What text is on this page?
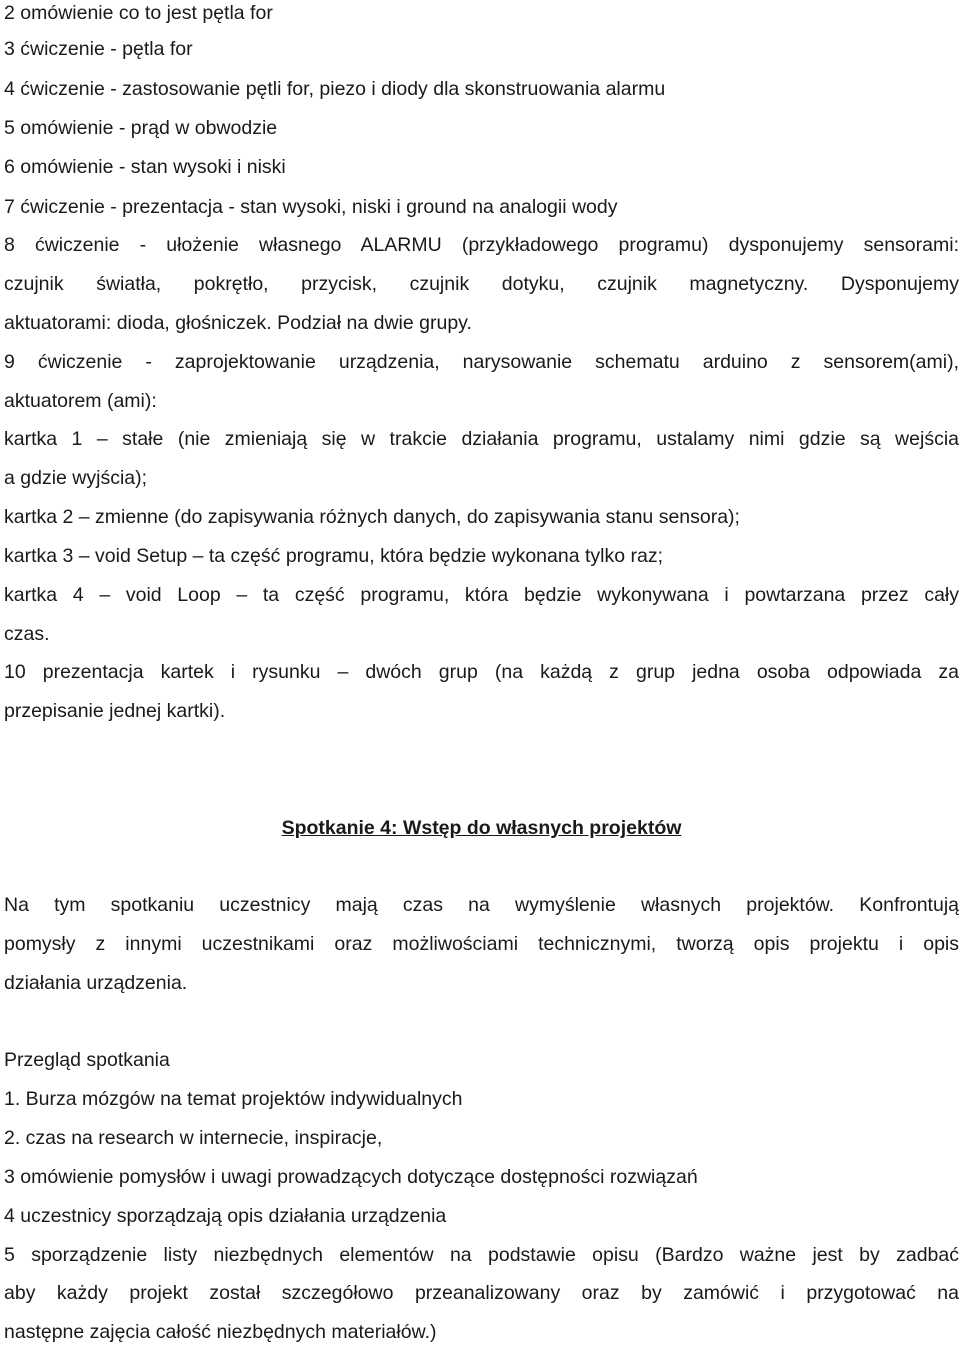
2 omówienie co to jest pętla for
3 ćwiczenie - pętla for
4 ćwiczenie - zastosowanie pętli for, piezo i diody dla skonstruowania alarmu
5 omówienie - prąd w obwodzie
6 omówienie - stan wysoki i niski
7 ćwiczenie - prezentacja - stan wysoki, niski i ground na analogii wody
8 ćwiczenie - ułożenie własnego ALARMU (przykładowego programu) dysponujemy sensorami:
czujnik światła, pokrętło, przycisk, czujnik dotyku, czujnik magnetyczny. Dysponujemy
aktuatorami: dioda, głośniczek. Podział na dwie grupy.
9 ćwiczenie - zaprojektowanie urządzenia, narysowanie schematu arduino z sensorem(ami),
aktuatorem (ami):
kartka 1 – stałe (nie zmieniają się w trakcie działania programu, ustalamy nimi gdzie są wejścia
a gdzie wyjścia);
kartka 2 – zmienne (do zapisywania różnych danych, do zapisywania stanu sensora);
kartka 3 – void Setup – ta część programu, która będzie wykonana tylko raz;
kartka 4 – void Loop – ta część programu, która będzie wykonywana i powtarzana przez cały
czas.
10 prezentacja kartek i rysunku – dwóch grup (na każdą z grup jedna osoba odpowiada za
przepisanie jednej kartki).
Spotkanie 4: Wstęp do własnych projektów
Na tym spotkaniu uczestnicy mają czas na wymyślenie własnych projektów. Konfrontują
pomysły z innymi uczestnikami oraz możliwościami technicznymi, tworzą opis projektu i opis
działania urządzenia.
Przegląd spotkania
1. Burza mózgów na temat projektów indywidualnych
2. czas na research w internecie, inspiracje,
3 omówienie pomysłów i uwagi prowadzących dotyczące dostępności rozwiązań
4 uczestnicy sporządzają opis działania urządzenia
5 sporządzenie listy niezbędnych elementów na podstawie opisu (Bardzo ważne jest by zadbać
aby każdy projekt został szczegółowo przeanalizowany oraz by zamówić i przygotować na
następne zajęcia całość niezbędnych materiałów.)
